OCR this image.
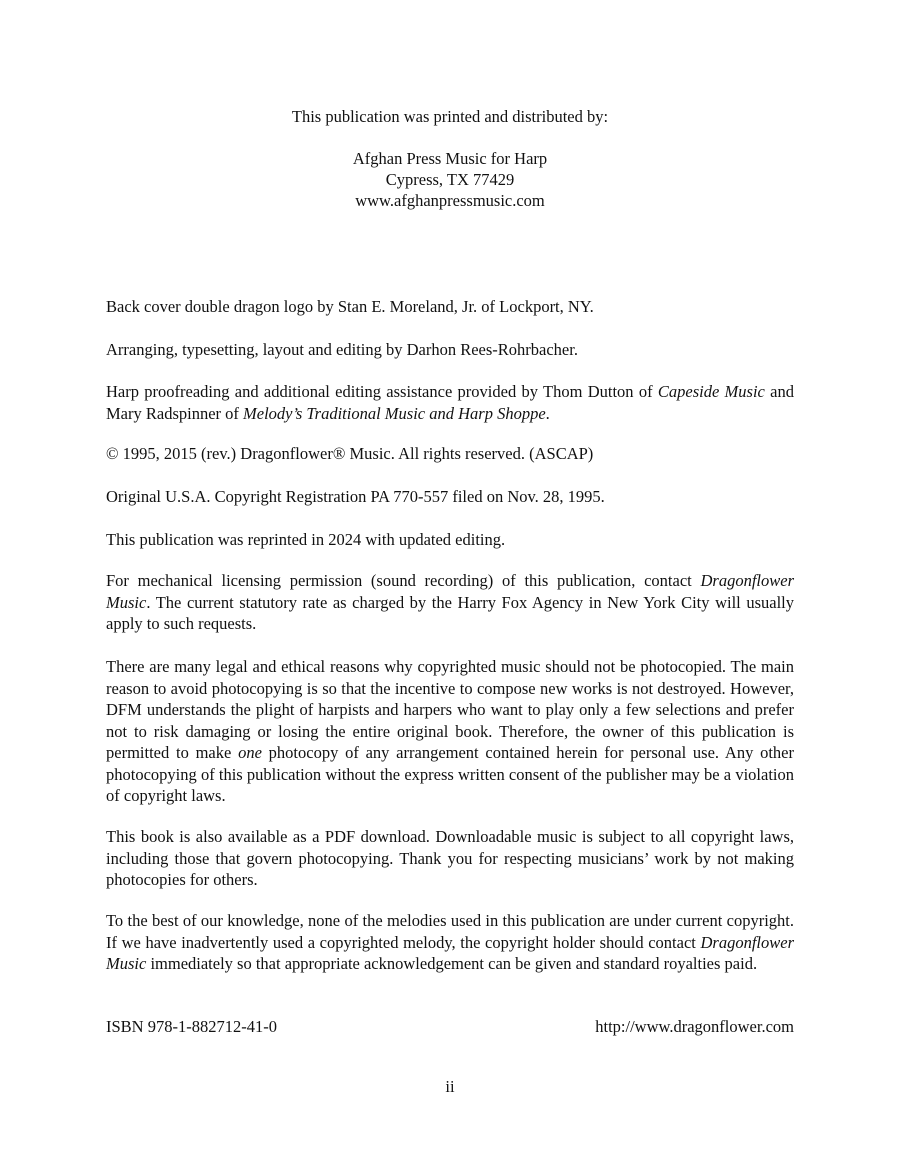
This publication was printed and distributed by:

Afghan Press Music for Harp

Cypress, TX 77429

www.afghanpressmusic.com

Back cover double dragon logo by Stan E. Moreland, Jr. of Lockport, NY.

Arranging, typesetting, layout and editing by Darhon Rees-Rohrbacher.

Harp proofreading and additional editing assistance provided by Thom Dutton of Capeside Music and Mary Radspinner of Melody’s Traditional Music and Harp Shoppe.

© 1995, 2015 (rev.) Dragonflower® Music. All rights reserved. (ASCAP)

Original U.S.A. Copyright Registration PA 770-557 filed on Nov. 28, 1995.

This publication was reprinted in 2024 with updated editing.

For mechanical licensing permission (sound recording) of this publication, contact Dragonflower Music. The current statutory rate as charged by the Harry Fox Agency in New York City will usually apply to such requests.

There are many legal and ethical reasons why copyrighted music should not be photocopied. The main reason to avoid photocopying is so that the incentive to compose new works is not destroyed. However, DFM understands the plight of harpists and harpers who want to play only a few selections and prefer not to risk damaging or losing the entire original book. Therefore, the owner of this publication is permitted to make one photocopy of any arrangement contained herein for personal use. Any other photocopying of this publication without the express written consent of the publisher may be a violation of copyright laws.

This book is also available as a PDF download. Downloadable music is subject to all copyright laws, including those that govern photocopying. Thank you for respecting musicians’ work by not making photocopies for others.

To the best of our knowledge, none of the melodies used in this publication are under current copyright. If we have inadvertently used a copyrighted melody, the copyright holder should contact Dragonflower Music immediately so that appropriate acknowledgement can be given and standard royalties paid.

ISBN 978-1-882712-41-0	http://www.dragonflower.com
ii
